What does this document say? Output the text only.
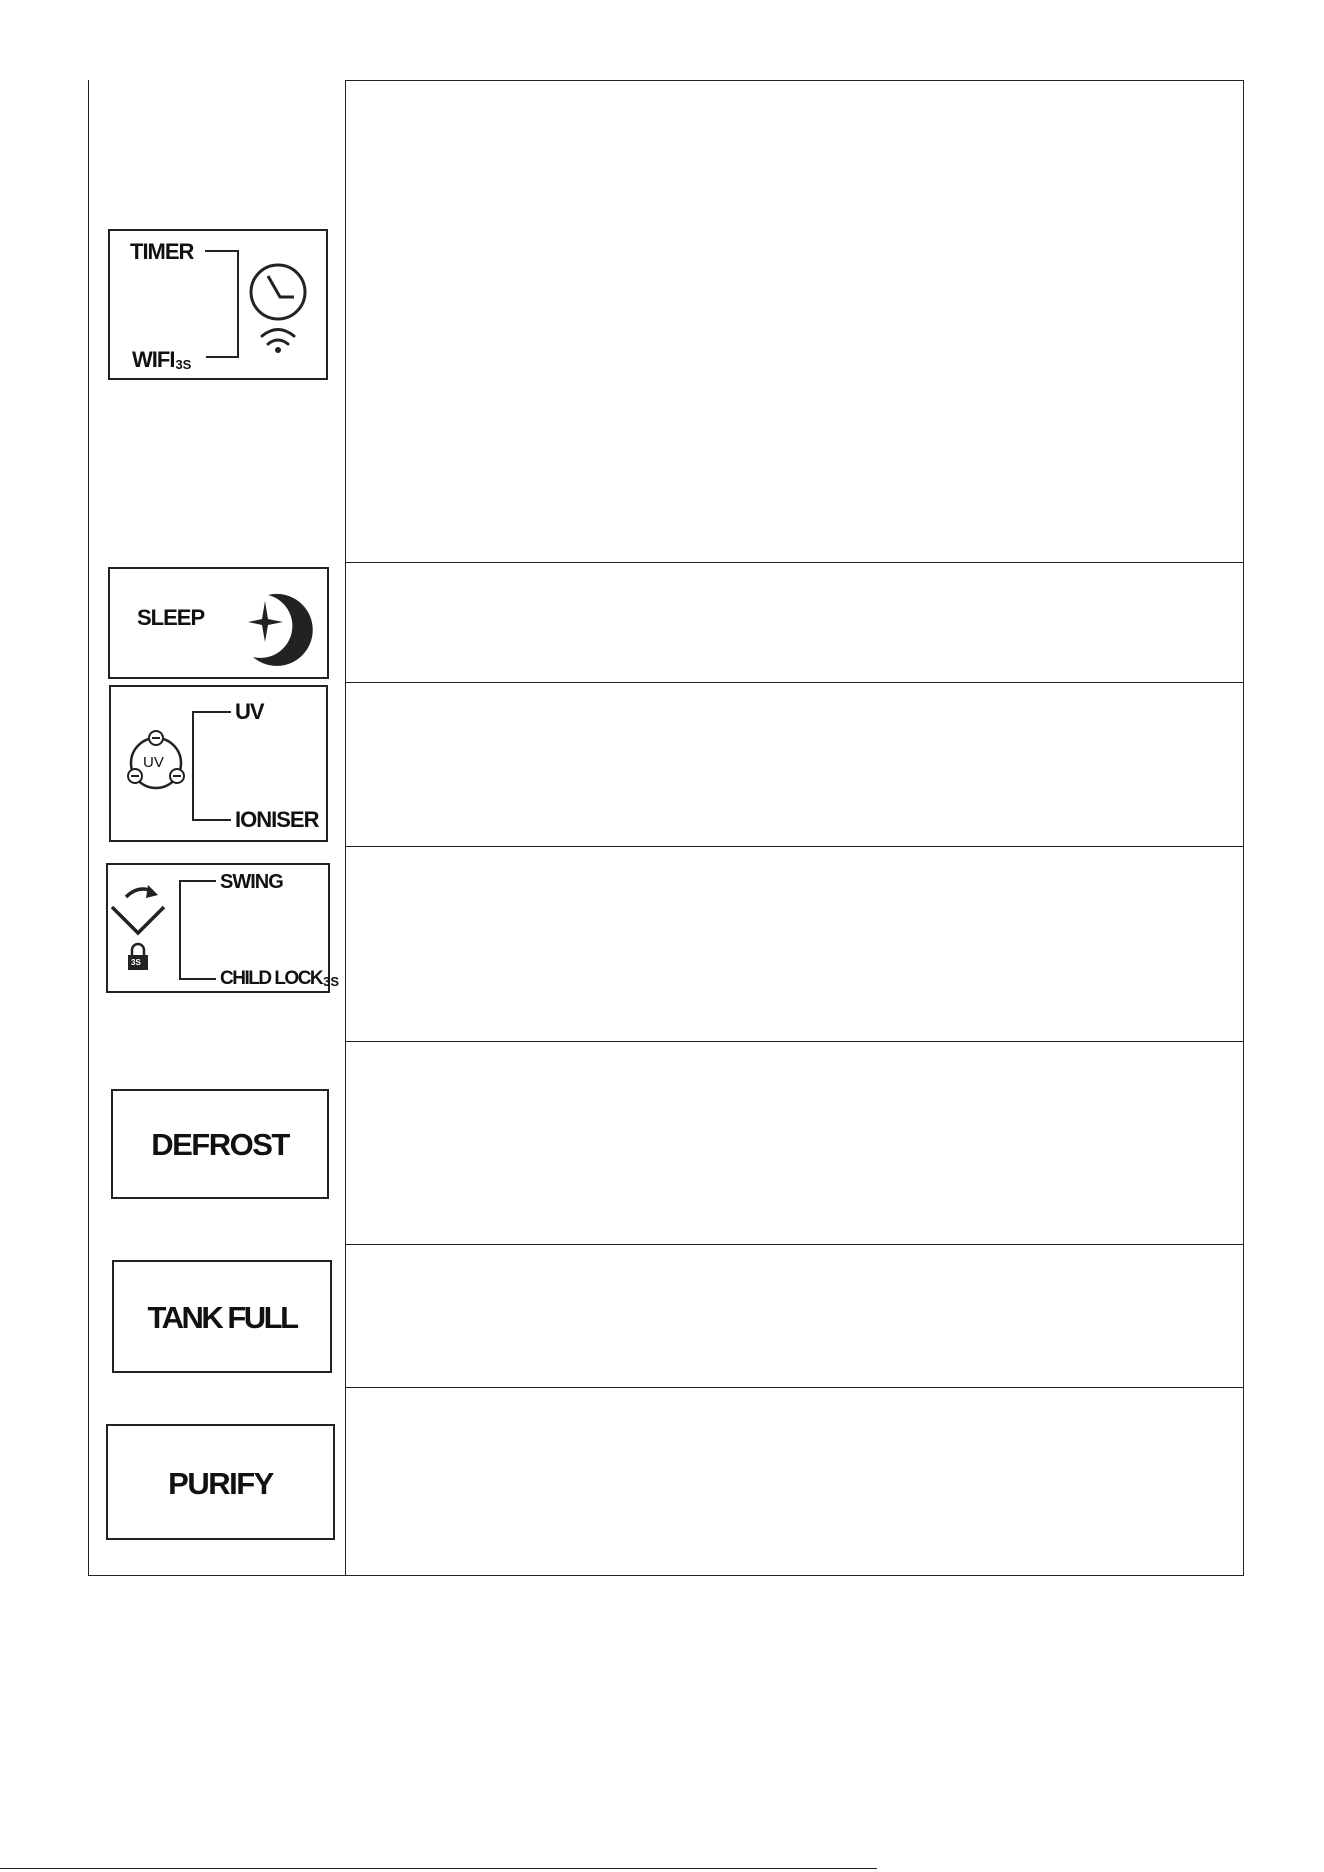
TIMER
$WIFI_{3S}$
SLEEP
UV
IONISER
UV
SWING
CHILD $LOCK_{3S}$
3S
DEFROST
TANK FULL
PURIFY
